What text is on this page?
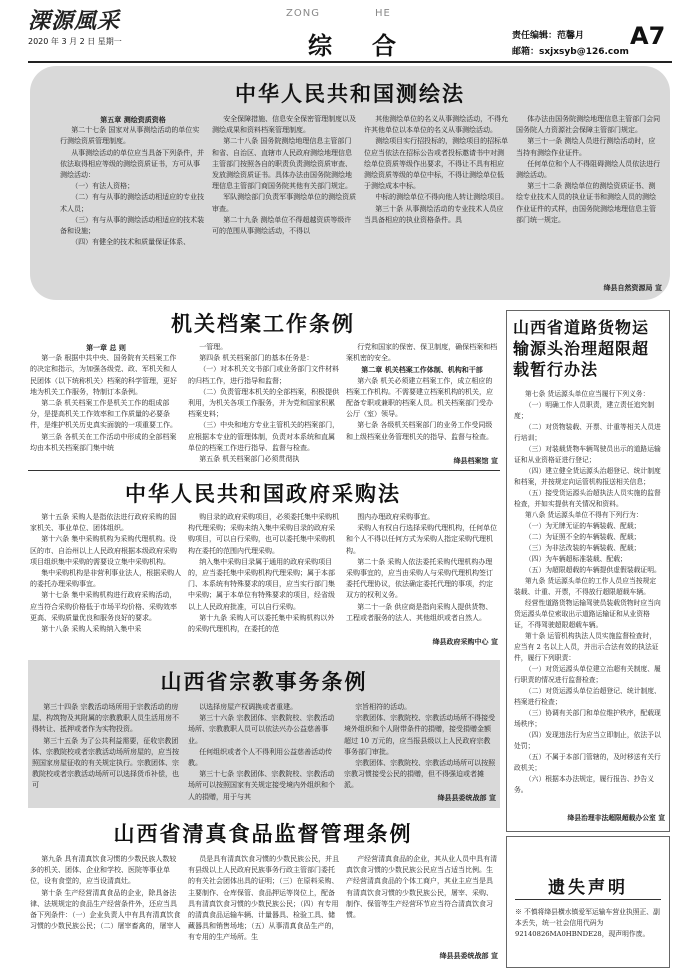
溧源風采
2020 年 3 月 2 日 星期一
ZONG	HE
综 合	责任编辑：范馨月
邮箱：sxjxsyb@126.com
A7
中华人民共和国测绘法

第五章 测绘资质资格

第二十七条 国家对从事测绘活动的单位实行测绘资质管理制度。

从事测绘活动的单位应当具备下列条件，并依法取得相应等级的测绘资质证书，方可从事测绘活动：

（一）有法人资格；

（二）有与从事的测绘活动相适应的专业技术人员；

（三）有与从事的测绘活动相适应的技术装备和设施；

（四）有健全的技术和质量保证体系、

安全保障措施、信息安全保密管理制度以及测绘成果和资料档案管理制度。

第二十八条 国务院测绘地理信息主管部门和省、自治区、直辖市人民政府测绘地理信息主管部门按照各自的职责负责测绘资质审查、发放测绘资质证书。具体办法由国务院测绘地理信息主管部门商国务院其他有关部门规定。

军队测绘部门负责军事测绘单位的测绘资质审查。

第二十九条 测绘单位不得超越资质等级许可的范围从事测绘活动，不得以

其他测绘单位的名义从事测绘活动，不得允许其他单位以本单位的名义从事测绘活动。

测绘项目实行招投标的，测绘项目的招标单位应当依法在招标公告或者投标邀请书中对测绘单位资质等级作出要求，不得让不具有相应测绘资质等级的单位中标，不得让测绘单位低于测绘成本中标。

中标的测绘单位不得向他人转让测绘项目。

第三十条 从事测绘活动的专业技术人员应当具备相应的执业资格条件。具

体办法由国务院测绘地理信息主管部门会同国务院人力资源社会保障主管部门规定。

第三十一条 测绘人员进行测绘活动时，应当持有测绘作业证件。

任何单位和个人不得阻碍测绘人员依法进行测绘活动。

第三十二条 测绘单位的测绘资质证书、测绘专业技术人员的执业证书和测绘人员的测绘作业证件的式样，由国务院测绘地理信息主管部门统一规定。

绛县自然资源局 宣
机关档案工作条例

第一章 总 则

第一条 根据中共中央、国务院有关档案工作的决定和指示，为加强各级党、政、军机关和人民团体（以下统称机关）档案的科学管理，更好地为机关工作服务，特制订本条例。

第二条 机关档案工作是机关工作的组成部分，是提高机关工作效率和工作质量的必要条件，是维护机关历史真实面貌的一项重要工作。

第三条 各机关在工作活动中形成的全部档案均由本机关档案部门集中统

一管理。

第四条 机关档案部门的基本任务是：

（一）对本机关文书部门或业务部门文件材料的归档工作，进行指导和监督；

（二）负责管理本机关的全部档案，积极提供利用，为机关各项工作服务，并为党和国家积累档案史料；

（三）中央和地方专业主管机关的档案部门，应根据本专业的管理体制，负责对本系统和直属单位的档案工作进行指导、监督与检查。

第五条 机关档案部门必须贯彻执

行党和国家的保密、保卫制度，确保档案和档案机密的安全。

第二章 机关档案工作体制、机构和干部

第六条 机关必须建立档案工作，成立相应的档案工作机构。不需要建立档案机构的机关，应配备专职或兼职的档案人员。机关档案部门受办公厅（室）领导。

第七条 各级机关档案部门的业务工作受同级和上级档案业务管理机关的指导、监督与检查。

绛县档案馆 宣
中华人民共和国政府采购法

第十五条 采购人是指依法进行政府采购的国家机关、事业单位、团体组织。

第十六条 集中采购机构为采购代理机构。设区的市、自治州以上人民政府根据本级政府采购项目组织集中采购的需要设立集中采购机构。

集中采购机构是非营利事业法人，根据采购人的委托办理采购事宜。

第十七条 集中采购机构进行政府采购活动，应当符合采购价格低于市场平均价格、采购效率更高、采购质量优良和服务良好的要求。

第十八条 采购人采购纳入集中采

购目录的政府采购项目，必须委托集中采购机构代理采购；采购未纳入集中采购目录的政府采购项目，可以自行采购，也可以委托集中采购机构在委托的范围内代理采购。

纳入集中采购目录属于通用的政府采购项目的，应当委托集中采购机构代理采购；属于本部门、本系统有特殊要求的项目，应当实行部门集中采购；属于本单位有特殊要求的项目，经省级以上人民政府批准，可以自行采购。

第十九条 采购人可以委托集中采购机构以外的采购代理机构，在委托的范

围内办理政府采购事宜。

采购人有权自行选择采购代理机构，任何单位和个人不得以任何方式为采购人指定采购代理机构。

第二十条 采购人依法委托采购代理机构办理采购事宜的，应当由采购人与采购代理机构签订委托代理协议，依法确定委托代理的事项，约定双方的权利义务。

第二十一条 供应商是指向采购人提供货物、工程或者服务的法人、其他组织或者自然人。

绛县政府采购中心 宣
山西省宗教事务条例

第三十四条 宗教活动场所用于宗教活动的房屋、构筑物及其附属的宗教教职人员生活用房不得转让、抵押或者作为实物投资。

第三十五条 为了公共利益需要，征收宗教团体、宗教院校或者宗教活动场所房屋的，应当按照国家房屋征收的有关规定执行。宗教团体、宗教院校或者宗教活动场所可以选择货币补偿，也可

以选择房屋产权调换或者重建。

第三十六条 宗教团体、宗教院校、宗教活动场所、宗教教职人员可以依法兴办公益慈善事业。

任何组织或者个人不得利用公益慈善活动传教。

第三十七条 宗教团体、宗教院校、宗教活动场所可以按照国家有关规定接受境内外组织和个人的捐赠，用于与其

宗旨相符的活动。

宗教团体、宗教院校、宗教活动场所不得接受境外组织和个人附带条件的捐赠，接受捐赠金额超过 10 万元的，应当报县级以上人民政府宗教事务部门审批。

宗教团体、宗教院校、宗教活动场所可以按照宗教习惯接受公民的捐赠，但不得强迫或者摊派。

绛县县委统战部 宣
山西省清真食品监督管理条例

第九条 具有清真饮食习惯的少数民族人数较多的机关、团体、企业和学校、医院等事业单位，设有食堂的，应当设清真灶。

第十条 生产经营清真食品的企业，除具备法律、法规规定的食品生产经营条件外，还应当具备下列条件：（一）企业负责人中有具有清真饮食习惯的少数民族公民；（二）屠宰畜禽的，屠宰人

员是具有清真饮食习惯的少数民族公民，并且有县级以上人民政府民族事务行政主管部门委托的有关社会团体出具的证明；（三）在原料采购、主要制作、仓库保管、食品押运等岗位上，配备具有清真饮食习惯的少数民族公民；（四）有专用的清真食品运输车辆、计量器具、检验工具、储藏器具和销售场地；（五）从事清真食品生产的，有专用的生产场所。生

产经营清真食品的企业，其从业人员中具有清真饮食习惯的少数民族公民应当占适当比例。生产经营清真食品的个体工商户，其业主应当是具有清真饮食习惯的少数民族公民，屠宰、采购、制作、保管等生产经营环节应当符合清真饮食习惯。

绛县县委统战部 宣
山西省道路货物运输源头治理超限超载暂行办法

第七条 货运源头单位应当履行下列义务：

（一）明确工作人员职责，建立责任追究制度；

（二）对货物装载、开票、计重等相关人员进行培训；

（三）对装载货物车辆驾驶员出示的道路运输证和从业资格证进行登记；

（四）建立健全货运源头治超登记、统计制度和档案，并按规定向运管机构报送相关信息；

（五）接受货运源头治超执法人员实施的监督检查，并如实提供有关情况和资料。

第八条 货运源头单位不得有下列行为：

（一）为无牌无证的车辆装载、配载；

（二）为证照不全的车辆装载、配载；

（三）为非法改装的车辆装载、配载；

（四）为车辆超标准装载、配载；

（五）为超限超载的车辆提供虚假装载证明。

第九条 货运源头单位的工作人员应当按规定装载、计重、开票，不得放行超限超载车辆。

经营性道路货物运输驾驶员装载货物时应当向货运源头单位索取出示道路运输证和从业资格证，不得驾驶超限超载车辆。

第十条 运管机构执法人员实施监督检查时，应当有 2 名以上人员，并出示合法有效的执法证件，履行下列职责：

（一）对货运源头单位建立治超有关制度、履行职责的情况进行监督检查；

（二）对货运源头单位治超登记、统计制度、档案进行检查；

（三）协调有关部门和单位维护秩序，配载现场秩序；

（四）发现违法行为应当立即制止，依法予以处罚；

（五）不属于本部门管辖的，及时移送有关行政机关；

（六）根据本办法规定，履行报告、抄告义务。

绛县治理非法超限超载办公室 宣
遗失声明
※ 不慎将绛县横水镇爱军运输车营业执照正、副本丢失，统一社会信用代码为 92140826MA0HBNDE28，现声明作废。
